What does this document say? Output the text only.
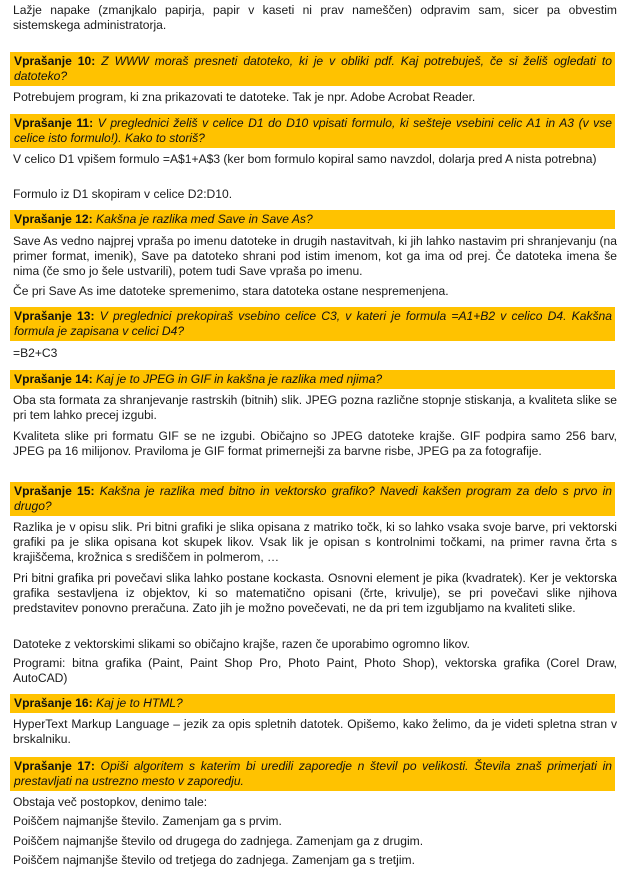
Lažje napake (zmanjkalo papirja, papir v kaseti ni prav nameščen) odpravim sam, sicer pa obvestim sistemskega administratorja.

Vprašanje 10: Z WWW moraš presneti datoteko, ki je v obliki pdf. Kaj potrebuješ, če si želiš ogledati to datoteko?

Potrebujem program, ki zna prikazovati te datoteke. Tak je npr. Adobe Acrobat Reader.

Vprašanje 11: V preglednici želiš v celice D1 do D10 vpisati formulo, ki sešteje vsebini celic A1 in A3 (v vse celice isto formulo!). Kako to storiš?

V celico D1 vpišem formulo =A$1+A$3 (ker bom formulo kopiral samo navzdol, dolarja pred A nista potrebna)

Formulo iz D1 skopiram v celice D2:D10.

Vprašanje 12: Kakšna je razlika med Save in Save As?

Save As vedno najprej vpraša po imenu datoteke in drugih nastavitvah, ki jih lahko nastavim pri shranjevanju (na primer format, imenik), Save pa datoteko shrani pod istim imenom, kot ga ima od prej. Če datoteka imena še nima (če smo jo šele ustvarili), potem tudi Save vpraša po imenu.

Če pri Save As ime datoteke spremenimo, stara datoteka ostane nespremenjena.

Vprašanje 13: V preglednici prekopiraš vsebino celice C3, v kateri je formula =A1+B2 v celico D4. Kakšna formula je zapisana v celici D4?

=B2+C3

Vprašanje 14: Kaj je to JPEG in GIF in kakšna je razlika med njima?

Oba sta formata za shranjevanje rastrskih (bitnih) slik. JPEG pozna različne stopnje stiskanja, a kvaliteta slike se pri tem lahko precej izgubi.

Kvaliteta slike pri formatu GIF se ne izgubi. Običajno so JPEG datoteke krajše. GIF podpira samo 256 barv, JPEG pa 16 milijonov. Praviloma je GIF format primernejši za barvne risbe, JPEG pa za fotografije.

Vprašanje 15: Kakšna je razlika med bitno in vektorsko grafiko? Navedi kakšen program za delo s prvo in drugo?

Razlika je v opisu slik. Pri bitni grafiki je slika opisana z matriko točk, ki so lahko vsaka svoje barve, pri vektorski grafiki pa je slika opisana kot skupek likov. Vsak lik je opisan s kontrolnimi točkami, na primer ravna črta s krajiščema, krožnica s središčem in polmerom, …

Pri bitni grafika pri povečavi slika lahko postane kockasta. Osnovni element je pika (kvadratek). Ker je vektorska grafika sestavljena iz objektov, ki so matematično opisani (črte, krivulje), se pri povečavi slike njihova predstavitev ponovno preračuna. Zato jih je možno povečevati, ne da pri tem izgubljamo na kvaliteti slike.

Datoteke z vektorskimi slikami so običajno krajše, razen če uporabimo ogromno likov.

Programi: bitna grafika (Paint, Paint Shop Pro, Photo Paint, Photo Shop), vektorska grafika (Corel Draw, AutoCAD)

Vprašanje 16: Kaj je to HTML?

HyperText Markup Language – jezik za opis spletnih datotek. Opišemo, kako želimo, da je videti spletna stran v brskalniku.

Vprašanje 17: Opiši algoritem s katerim bi uredili zaporedje n števil po velikosti. Števila znaš primerjati in prestavljati na ustrezno mesto v zaporedju.

Obstaja več postopkov, denimo tale:

Poiščem najmanjše število. Zamenjam ga s prvim.

Poiščem najmanjše število od drugega do zadnjega. Zamenjam ga z drugim.

Poiščem najmanjše število od tretjega do zadnjega. Zamenjam ga s tretjim.
